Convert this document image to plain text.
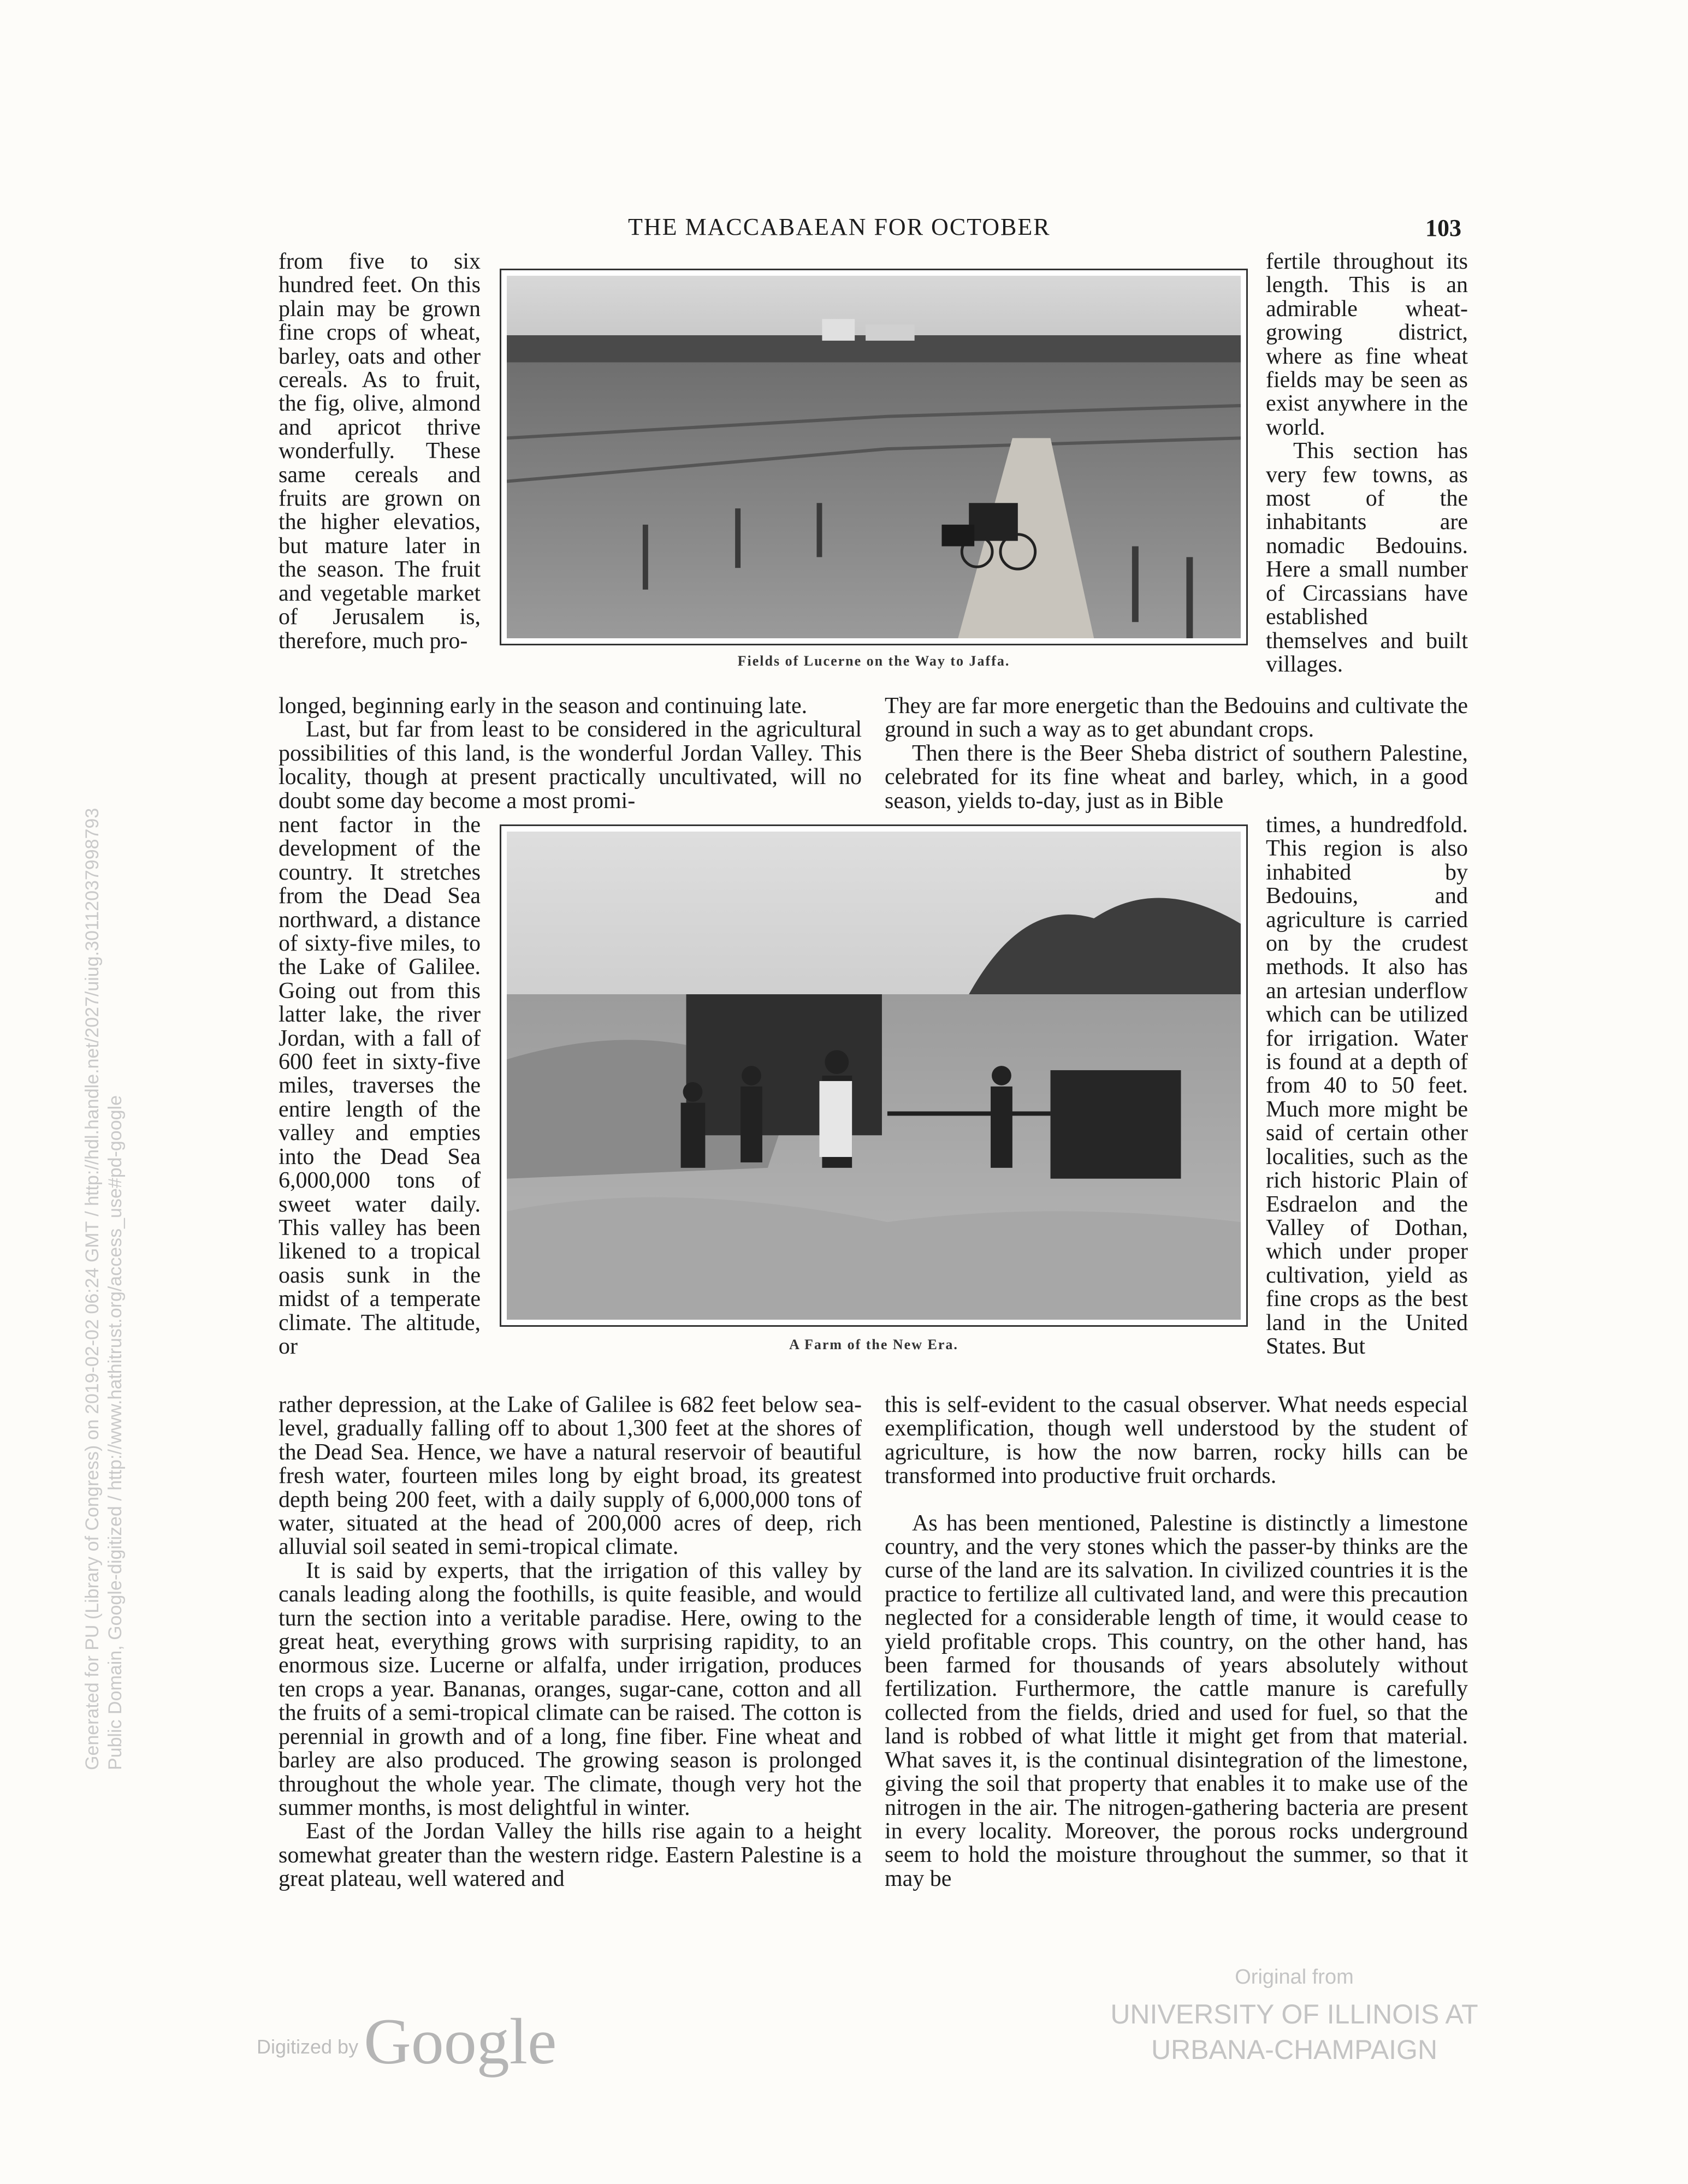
THE MACCABAEAN FOR OCTOBER	103

from five to six hundred feet. On this plain may be grown fine crops of wheat, barley, oats and other cereals. As to fruit, the fig, olive, almond and apricot thrive wonderfully. These same cereals and fruits are grown on the higher elevatios, but mature later in the season. The fruit and vegetable market of Jerusalem is, therefore, much pro-

Fields of Lucerne on the Way to Jaffa.

fertile throughout its length. This is an admirable wheat-growing district, where as fine wheat fields may be seen as exist anywhere in the world.

This section has very few towns, as most of the inhabitants are nomadic Bedouins. Here a small number of Circassians have established themselves and built villages.

longed, beginning early in the season and continuing late.

Last, but far from least to be considered in the agricultural possibilities of this land, is the wonderful Jordan Valley. This locality, though at present practically uncultivated, will no doubt some day become a most promi-

They are far more energetic than the Bedouins and cultivate the ground in such a way as to get abundant crops.

Then there is the Beer Sheba district of southern Palestine, celebrated for its fine wheat and barley, which, in a good season, yields to-day, just as in Bible

nent factor in the development of the country. It stretches from the Dead Sea northward, a distance of sixty-five miles, to the Lake of Galilee. Going out from this latter lake, the river Jordan, with a fall of 600 feet in sixty-five miles, traverses the entire length of the valley and empties into the Dead Sea 6,000,000 tons of sweet water daily. This valley has been likened to a tropical oasis sunk in the midst of a temperate climate. The altitude, or	A Farm of the New Era.

times, a hundredfold. This region is also inhabited by Bedouins, and agriculture is carried on by the crudest methods. It also has an artesian underflow which can be utilized for irrigation. Water is found at a depth of from 40 to 50 feet. Much more might be said of certain other localities, such as the rich historic Plain of Esdraelon and the Valley of Dothan, which under proper cultivation, yield as fine crops as the best land in the United States. But

rather depression, at the Lake of Galilee is 682 feet below sea-level, gradually falling off to about 1,300 feet at the shores of the Dead Sea. Hence, we have a natural reservoir of beautiful fresh water, fourteen miles long by eight broad, its greatest depth being 200 feet, with a daily supply of 6,000,000 tons of water, situated at the head of 200,000 acres of deep, rich alluvial soil seated in semi-tropical climate.

It is said by experts, that the irrigation of this valley by canals leading along the foothills, is quite feasible, and would turn the section into a veritable paradise. Here, owing to the great heat, everything grows with surprising rapidity, to an enormous size. Lucerne or alfalfa, under irrigation, produces ten crops a year. Bananas, oranges, sugar-cane, cotton and all the fruits of a semi-tropical climate can be raised. The cotton is perennial in growth and of a long, fine fiber. Fine wheat and barley are also produced. The growing season is prolonged throughout the whole year. The climate, though very hot the summer months, is most delightful in winter.

East of the Jordan Valley the hills rise again to a height somewhat greater than the western ridge. Eastern Palestine is a great plateau, well watered and

this is self-evident to the casual observer. What needs especial exemplification, though well understood by the student of agriculture, is how the now barren, rocky hills can be transformed into productive fruit orchards.

As has been mentioned, Palestine is distinctly a limestone country, and the very stones which the passer-by thinks are the curse of the land are its salvation. In civilized countries it is the practice to fertilize all cultivated land, and were this precaution neglected for a considerable length of time, it would cease to yield profitable crops. This country, on the other hand, has been farmed for thousands of years absolutely without fertilization. Furthermore, the cattle manure is carefully collected from the fields, dried and used for fuel, so that the land is robbed of what little it might get from that material. What saves it, is the continual disintegration of the limestone, giving the soil that property that enables it to make use of the nitrogen in the air. The nitrogen-gathering bacteria are present in every locality. Moreover, the porous rocks underground seem to hold the moisture throughout the summer, so that it may be

Digitized by Google
Original from
UNIVERSITY OF ILLINOIS AT
URBANA-CHAMPAIGN
Generated for PU (Library of Congress) on 2019-02-02 06:24 GMT / http://hdl.handle.net/2027/uiug.30112037998793 Public Domain, Google-digitized / http://www.hathitrust.org/access_use#pd-google
